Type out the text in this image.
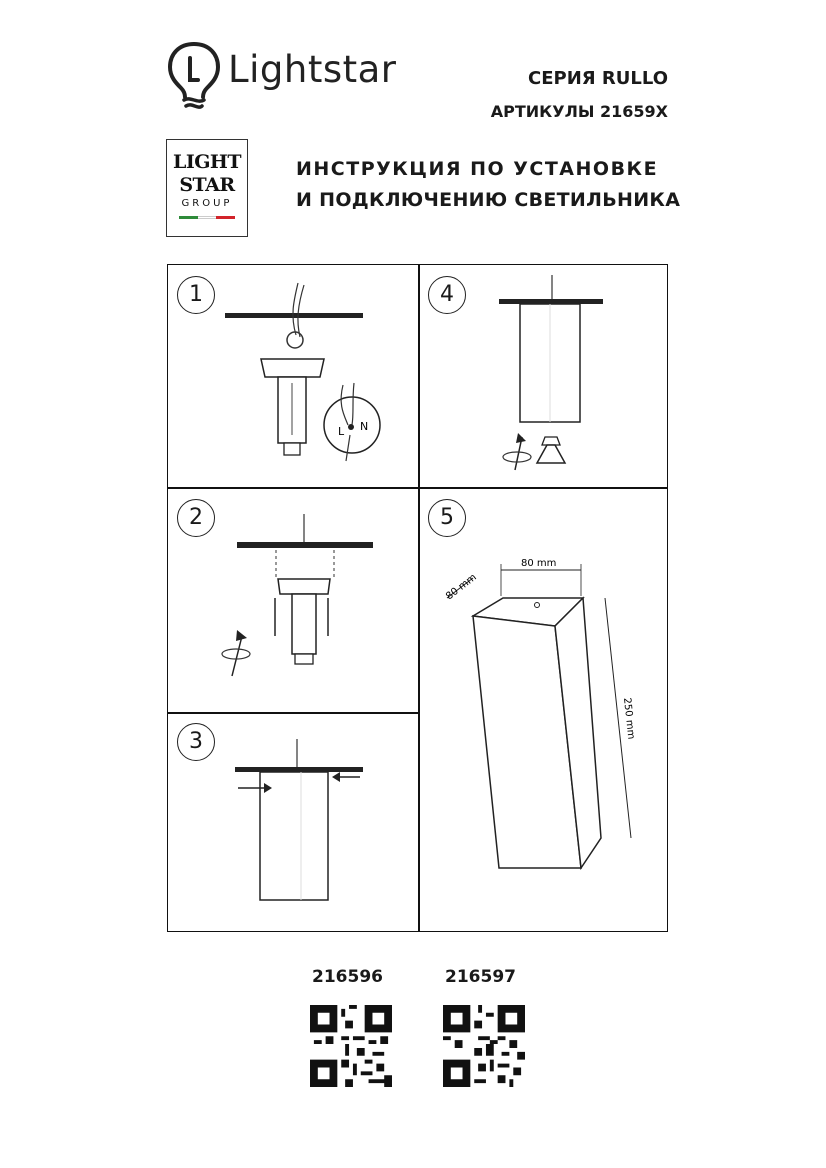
Lightstar	СЕРИЯ RULLO
АРТИКУЛЫ 21659X
LIGHT
STAR
GROUP
ИНСТРУКЦИЯ ПО УСТАНОВКЕ
И ПОДКЛЮЧЕНИЮ СВЕТИЛЬНИКА
1
L N
4
2
3
5
80 mm
80 mm
250 mm
216596	216597
